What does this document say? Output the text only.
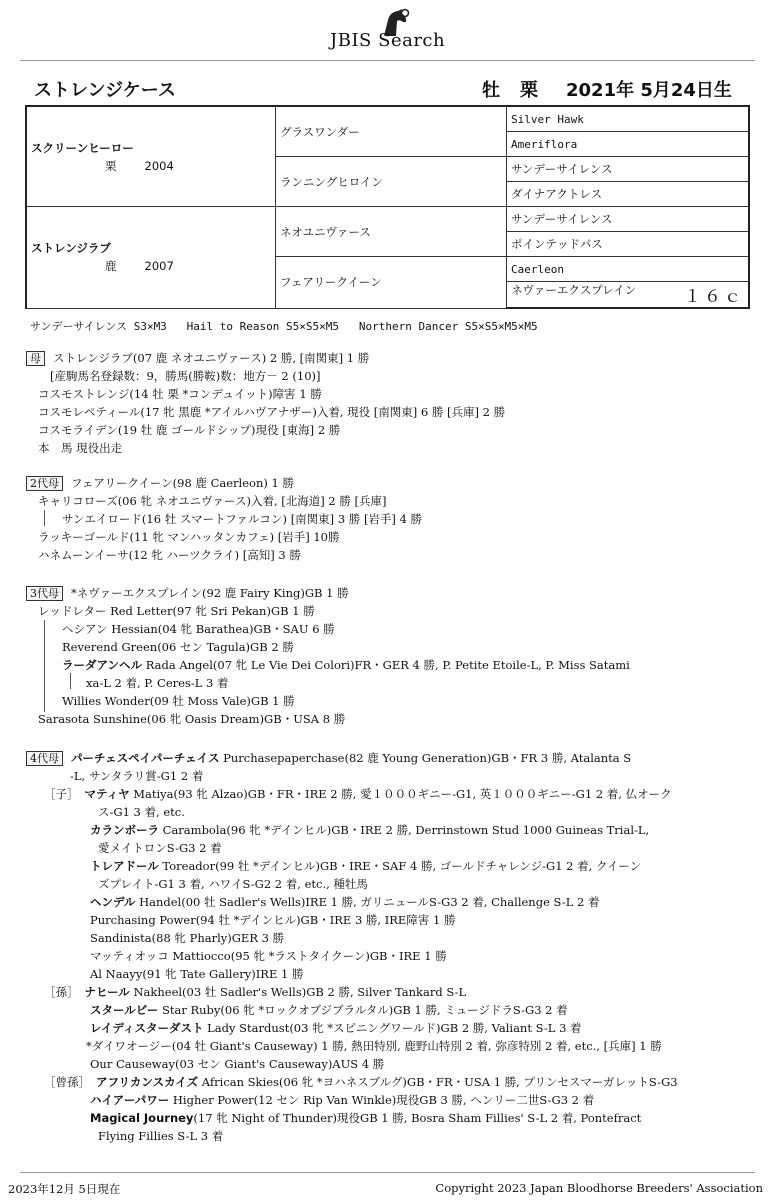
JBIS Search
ストレンジケース	牡 栗 2021年 5月24日生
スクリーンヒーロー
栗 2004	グラスワンダー	Silver Hawk
		Ameriflora
	ランニングヒロイン	サンデーサイレンス
		ダイナアクトレス
ストレンジラブ
鹿 2007	ネオユニヴァース	サンデーサイレンス
		ポインテッドパス
	フェアリークイーン	Caerleon
		ネヴァーエクスプレイン １６ｃ
サンデーサイレンス S3×M3   Hail to Reason S5×S5×M5   Northern Dancer S5×S5×M5×M5
母 ストレンジラブ(07 鹿 ネオユニヴァース) 2 勝, [南関東] 1 勝
[産駒馬名登録数：9，勝馬(勝鞍)数：地方－ 2 (10)]
コスモストレンジ(14 牡 栗 *コンデュイット)障害 1 勝
コスモレペティール(17 牝 黒鹿 *アイルハヴアナザー)入着, 現役 [南関東] 6 勝 [兵庫] 2 勝
コスモライデン(19 牡 鹿 ゴールドシップ)現役 [東海] 2 勝
本　馬 現役出走
2代母 フェアリークイーン(98 鹿 Caerleon) 1 勝
キャリコローズ(06 牝 ネオユニヴァース)入着, [北海道] 2 勝 [兵庫]
サンエイロード(16 牡 スマートファルコン) [南関東] 3 勝 [岩手] 4 勝
ラッキーゴールド(11 牝 マンハッタンカフェ) [岩手] 10勝
ハネムーンイーサ(12 牝 ハーツクライ) [高知] 3 勝
3代母 *ネヴァーエクスプレイン(92 鹿 Fairy King)GB 1 勝
レッドレター Red Letter(97 牝 Sri Pekan)GB 1 勝
ヘシアン Hessian(04 牝 Barathea)GB・SAU 6 勝
Reverend Green(06 セン Tagula)GB 2 勝
ラーダアンヘル Rada Angel(07 牝 Le Vie Dei Colori)FR・GER 4 勝, P. Petite Etoile-L, P. Miss Satami
xa-L 2 着, P. Ceres-L 3 着
Willies Wonder(09 牡 Moss Vale)GB 1 勝
Sarasota Sunshine(06 牝 Oasis Dream)GB・USA 8 勝
4代母 パーチェスペイパーチェイス Purchasepaperchase(82 鹿 Young Generation)GB・FR 3 勝, Atalanta S
-L, サンタラリ賞-G1 2 着
［子］ マティヤ Matiya(93 牝 Alzao)GB・FR・IRE 2 勝, 愛１０００ギニー-G1, 英１０００ギニー-G1 2 着, 仏オーク
ス-G1 3 着, etc.
カランボーラ Carambola(96 牝 *デインヒル)GB・IRE 2 勝, Derrinstown Stud 1000 Guineas Trial-L,
愛メイトロンS-G3 2 着
トレアドール Toreador(99 牡 *デインヒル)GB・IRE・SAF 4 勝, ゴールドチャレンジ-G1 2 着, クイーン
ズプレイト-G1 3 着, ハワイS-G2 2 着, etc., 種牡馬
ヘンデル Handel(00 牡 Sadler's Wells)IRE 1 勝, ガリニュールS-G3 2 着, Challenge S-L 2 着
Purchasing Power(94 牡 *デインヒル)GB・IRE 3 勝, IRE障害 1 勝
Sandinista(88 牝 Pharly)GER 3 勝
マッティオッコ Mattiocco(95 牝 *ラストタイクーン)GB・IRE 1 勝
Al Naayy(91 牝 Tate Gallery)IRE 1 勝
［孫］ ナヒール Nakheel(03 牡 Sadler's Wells)GB 2 勝, Silver Tankard S-L
スタールビー Star Ruby(06 牝 *ロックオブジブラルタル)GB 1 勝, ミュージドラS-G3 2 着
レイディスターダスト Lady Stardust(03 牝 *スピニングワールド)GB 2 勝, Valiant S-L 3 着
*ダイワオージー(04 牡 Giant's Causeway) 1 勝, 熱田特別, 鹿野山特別 2 着, 弥彦特別 2 着, etc., [兵庫] 1 勝
Our Causeway(03 セン Giant's Causeway)AUS 4 勝
［曾孫］ アフリカンスカイズ African Skies(06 牝 *ヨハネスブルグ)GB・FR・USA 1 勝, プリンセスマーガレットS-G3
ハイアーパワー Higher Power(12 セン Rip Van Winkle)現役GB 3 勝, ヘンリー二世S-G3 2 着
Magical Journey(17 牝 Night of Thunder)現役GB 1 勝, Bosra Sham Fillies' S-L 2 着, Pontefract
Flying Fillies S-L 3 着
2023年12月 5日現在	Copyright 2023 Japan Bloodhorse Breeders' Association
